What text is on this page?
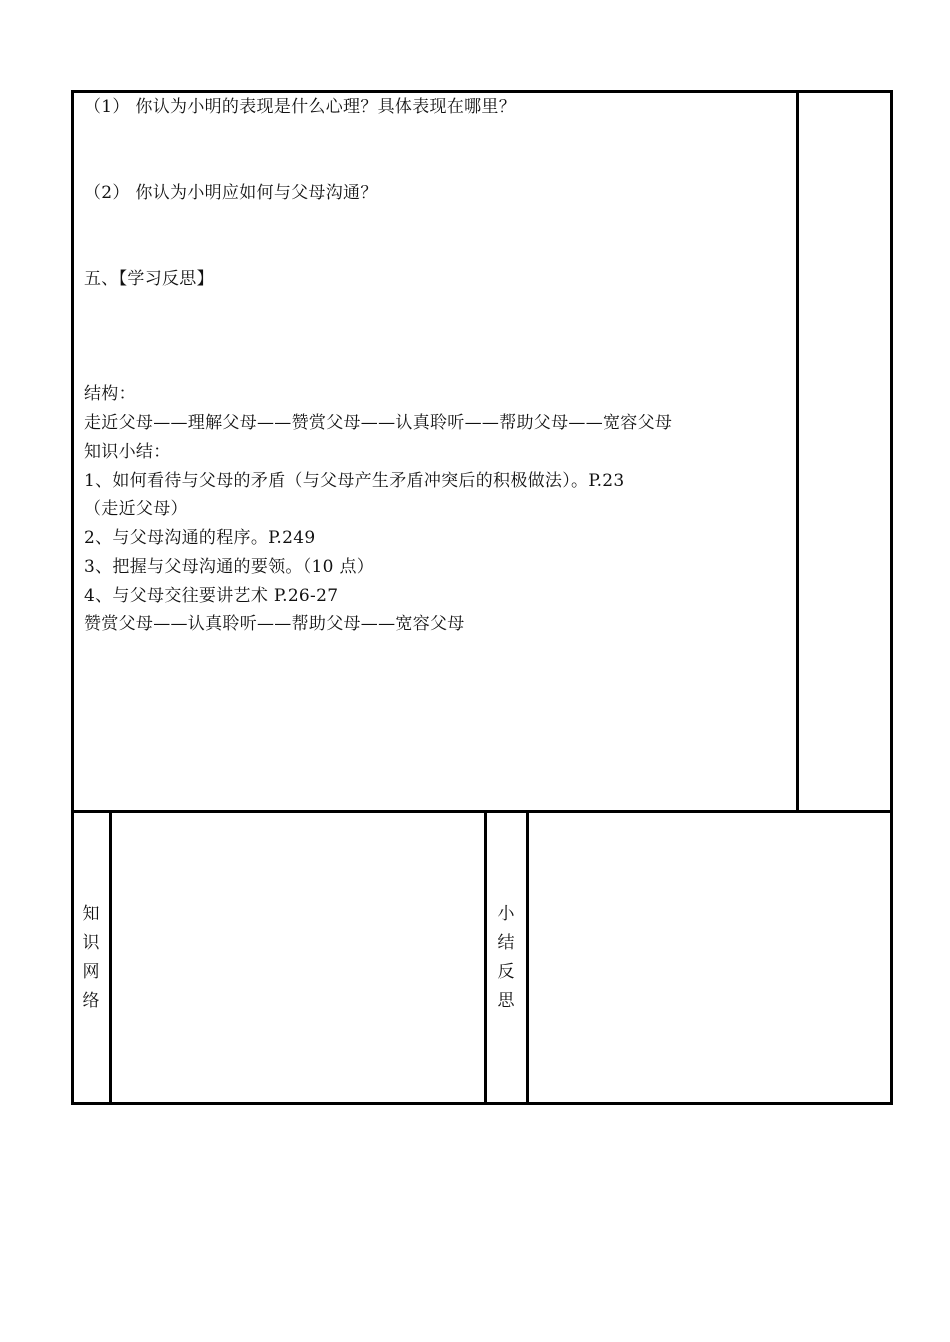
（1） 你认为小明的表现是什么心理？具体表现在哪里？
（2） 你认为小明应如何与父母沟通？
五、【学习反思】
结构：
走近父母——理解父母——赞赏父母——认真聆听——帮助父母——宽容父母
知识小结：
1、如何看待与父母的矛盾（与父母产生矛盾冲突后的积极做法）。P.23
（走近父母）
2、与父母沟通的程序。P.249
3、把握与父母沟通的要领。（10 点）
4、与父母交往要讲艺术 P.26-27
赞赏父母——认真聆听——帮助父母——宽容父母
知
识
网
络
小
结
反
思
